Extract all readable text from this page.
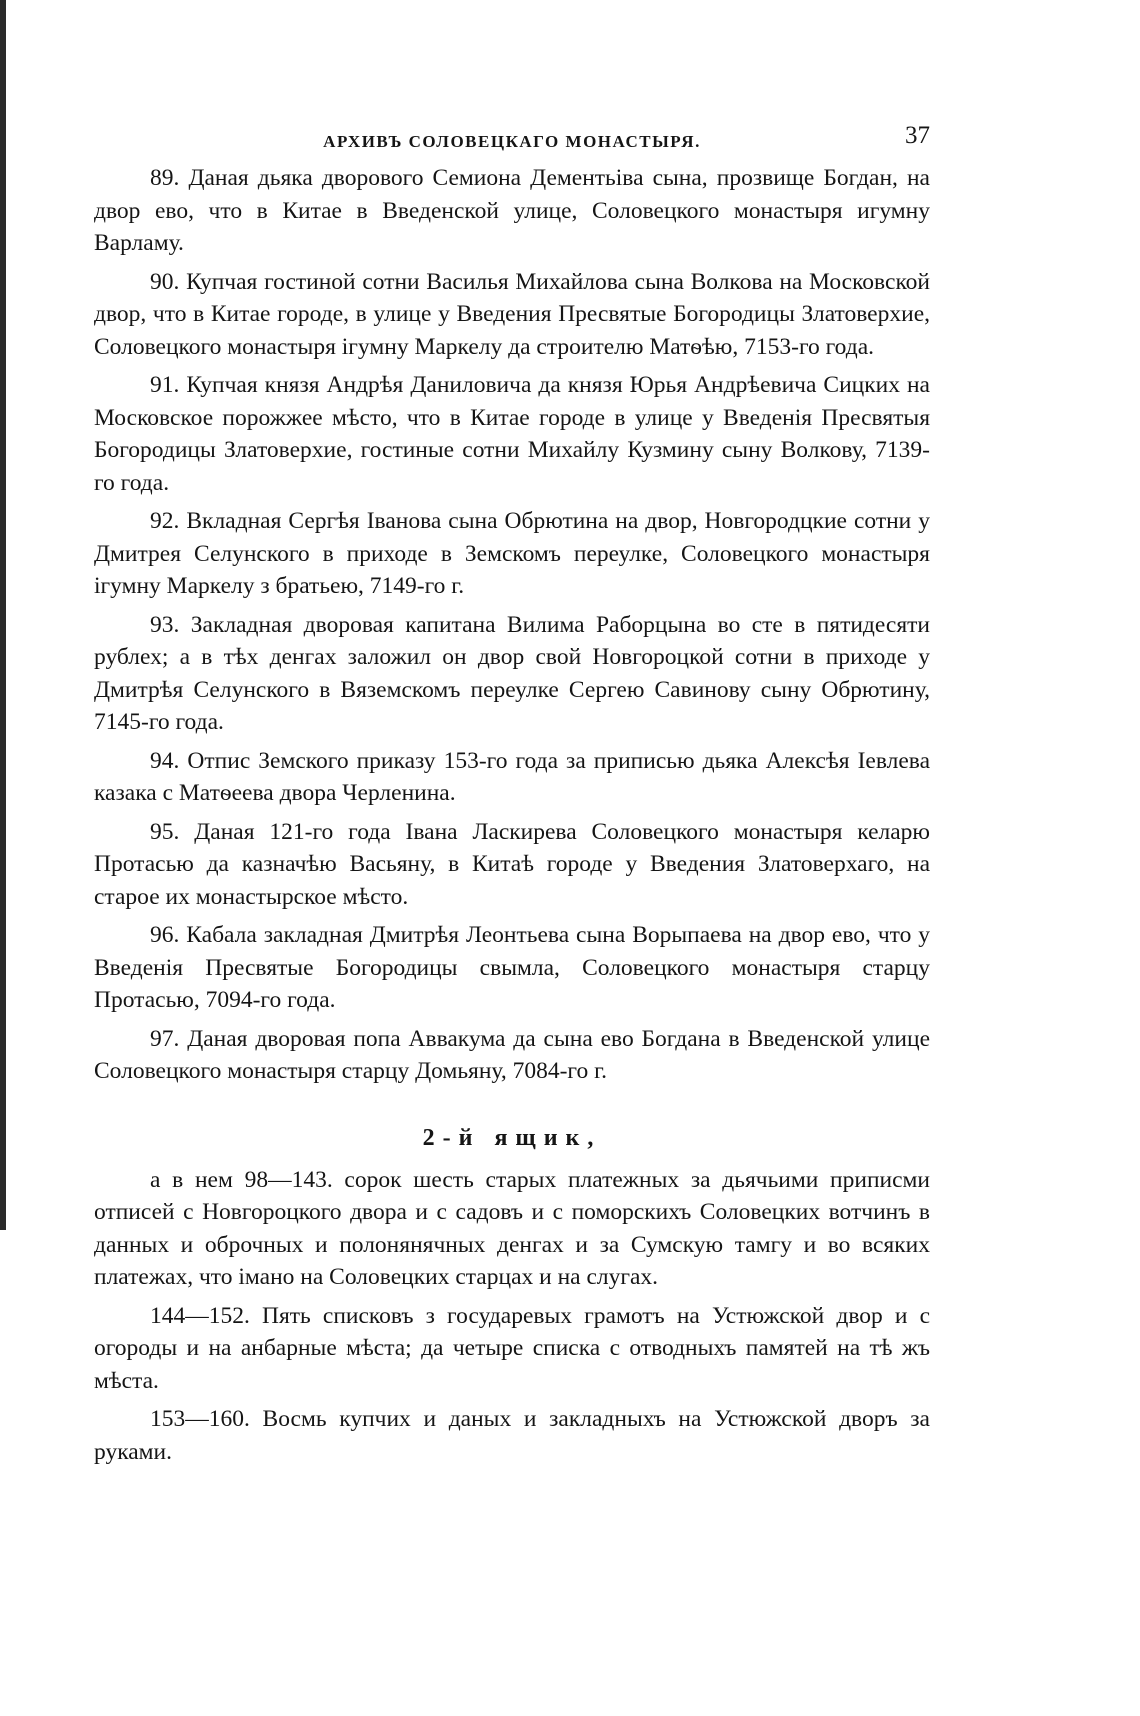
АРХИВЪ СОЛОВЕЦКАГО МОНАСТЫРЯ.	37

89. Даная дьяка дворового Семиона Дементьiва сына, прозвище Богдан, на двор ево, что в Китае в Введенской улице, Соловецкого монастыря игумну Варламу.

90. Купчая гостиной сотни Василья Михайлова сына Волкова на Московской двор, что в Китае городе, в улице у Введения Пресвятые Богородицы Златоверхие, Соловецкого монастыря ігумну Маркелу да строителю Матѳѣю, 7153-го года.

91. Купчая князя Андрѣя Даниловича да князя Юрья Андрѣевича Сицких на Московское порожжее мѣсто, что в Китае городе в улице у Введенія Пресвятыя Богородицы Златоверхие, гостиные сотни Михайлу Кузмину сыну Волкову, 7139-го года.

92. Вкладная Сергѣя Іванова сына Обрютина на двор, Новгородцкие сотни у Дмитрея Селунского в приходе в Земскомъ переулке, Соловецкого монастыря ігумну Маркелу з братьею, 7149-го г.

93. Закладная дворовая капитана Вилима Раборцына во сте в пятидесяти рублех; а в тѣх денгах заложил он двор свой Новгороцкой сотни в приходе у Дмитрѣя Селунского в Вяземскомъ переулке Сергею Савинову сыну Обрютину, 7145-го года.

94. Отпис Земского приказу 153-го года за приписью дьяка Алексѣя Іевлева казака с Матѳеева двора Черленина.

95. Даная 121-го года Івана Ласкирева Соловецкого монастыря келарю Протасью да казначѣю Васьяну, в Китаѣ городе у Введения Златоверхаго, на старое их монастырское мѣсто.

96. Кабала закладная Дмитрѣя Леонтьева сына Ворыпаева на двор ево, что у Введенія Пресвятые Богородицы свымла, Соловецкого монастыря старцу Протасью, 7094-го года.

97. Даная дворовая попа Аввакума да сына ево Богдана в Введенской улице Соловецкого монастыря старцу Домьяну, 7084-го г.

2-й ящик,

а в нем 98—143. сорок шесть старых платежных за дьячьими приписми отписей с Новгороцкого двора и с садовъ и с поморскихъ Соловецких вотчинъ в данных и оброчных и полонянячных денгах и за Сумскую тамгу и во всяких платежах, что імано на Соловецких старцах и на слугах.

144—152. Пять списковъ з государевых грамотъ на Устюжской двор и с огороды и на анбарные мѣста; да четыре списка с отводныхъ памятей на тѣ жъ мѣста.

153—160. Восмь купчих и даных и закладныхъ на Устюжской дворъ за руками.
